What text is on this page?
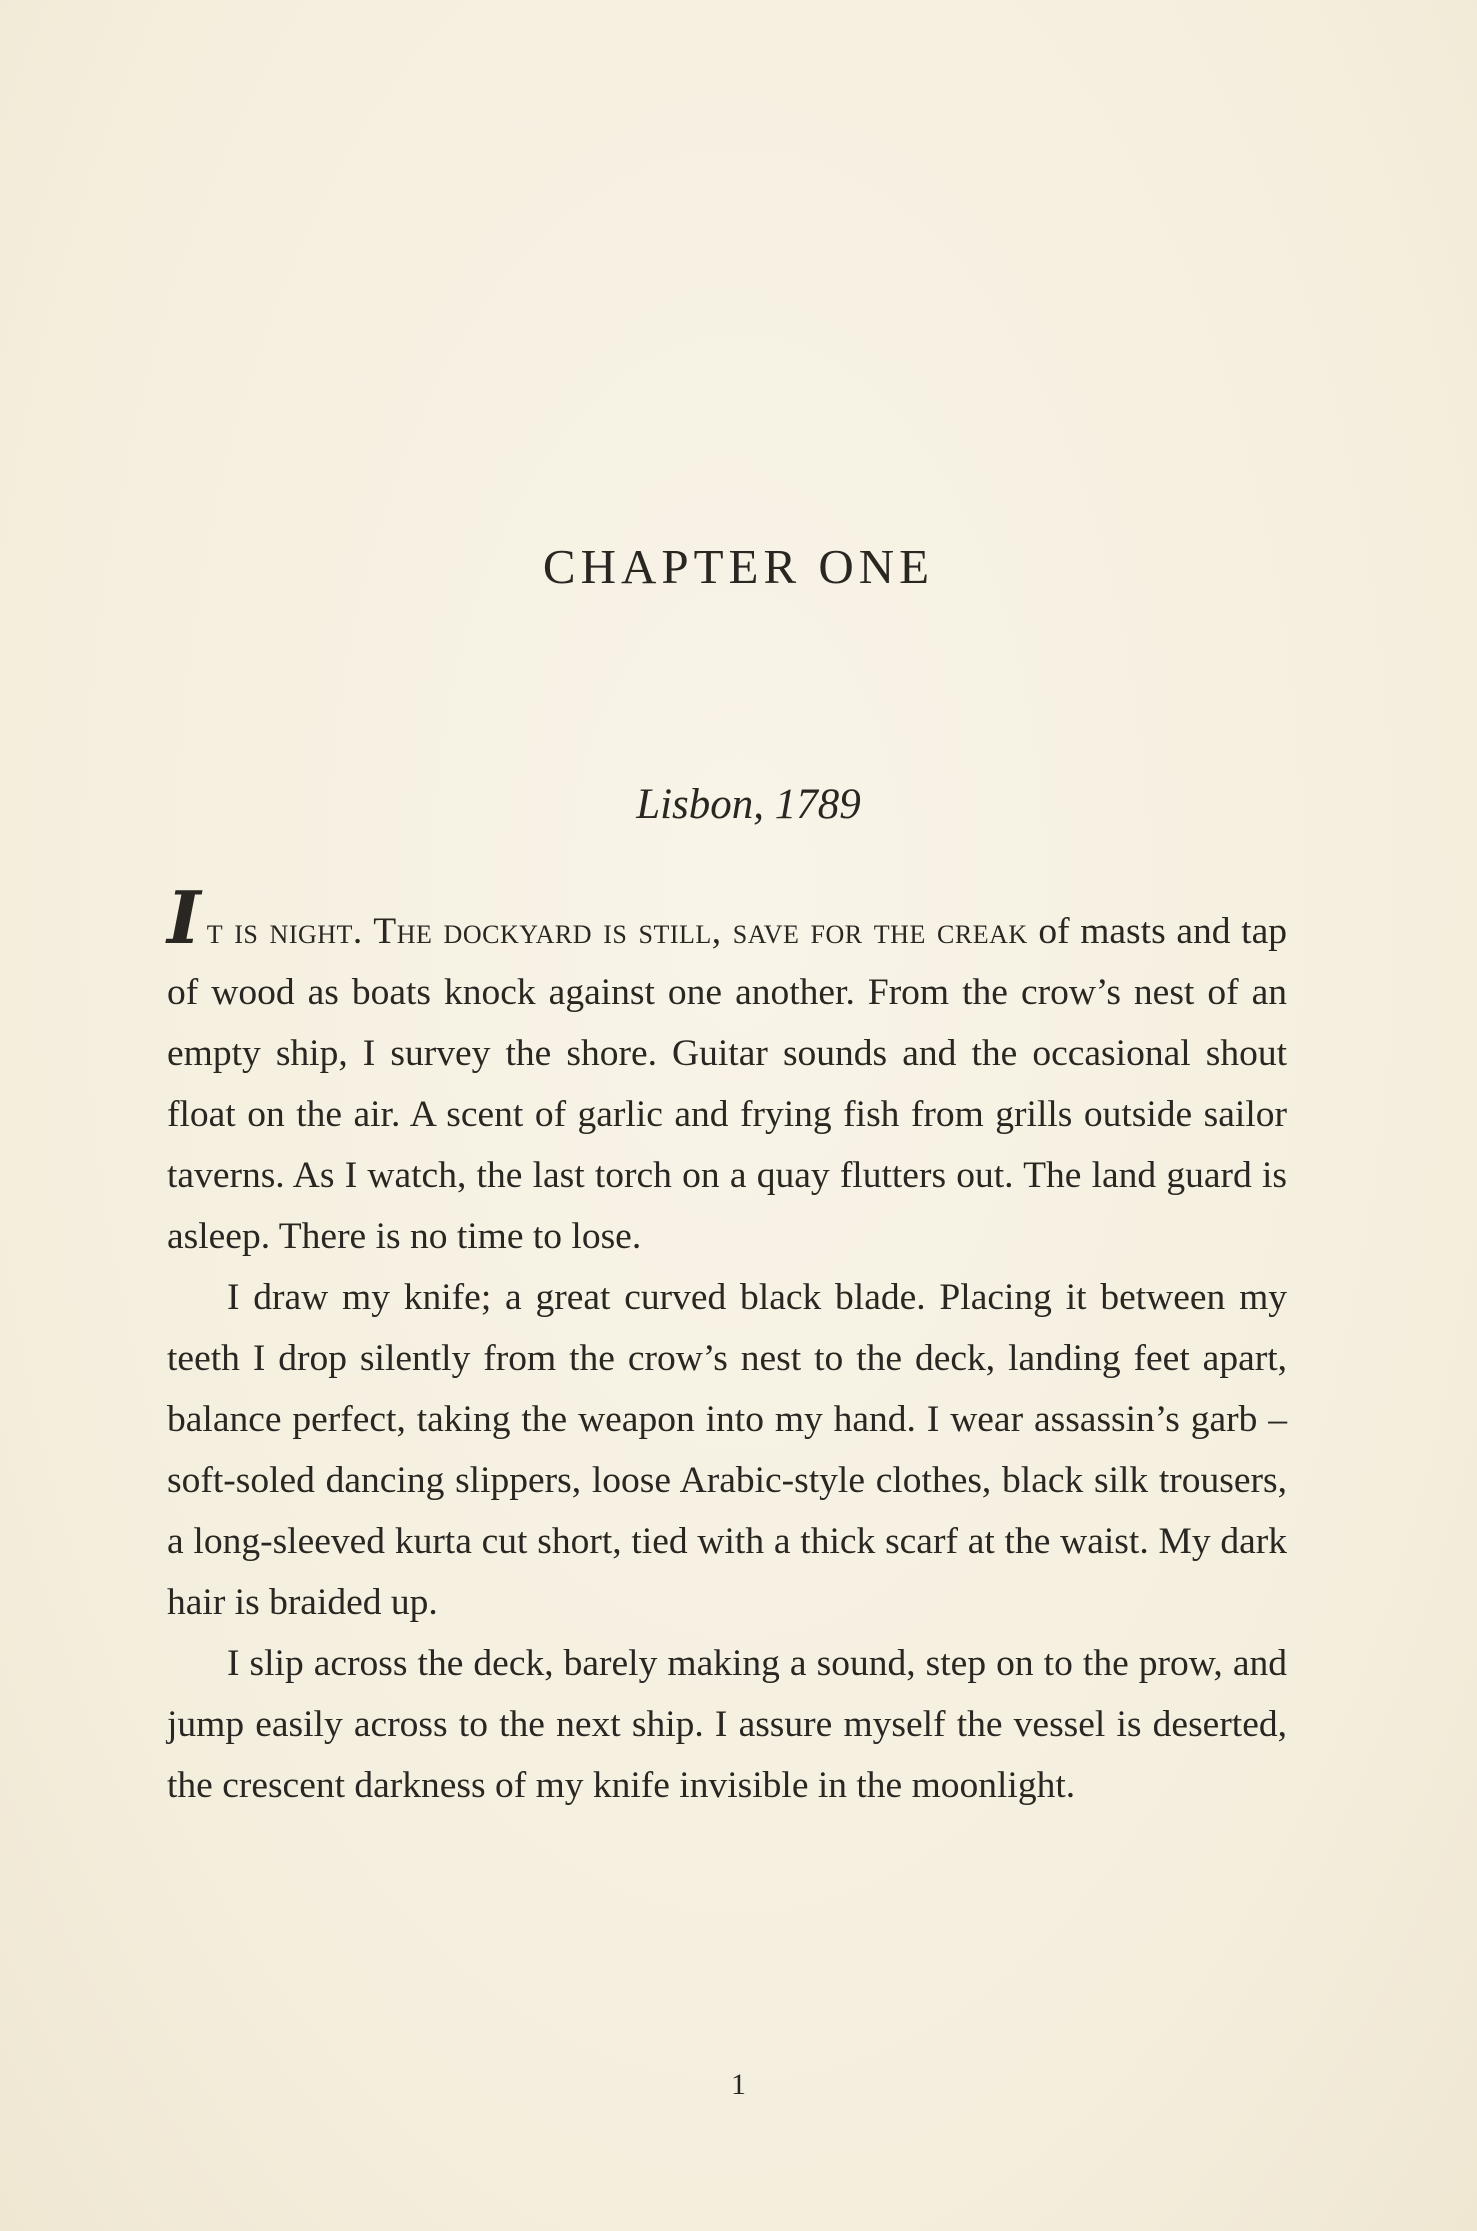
CHAPTER ONE
Lisbon, 1789

It is night. The dockyard is still, save for the creak of masts and tap of wood as boats knock against one another. From the crow’s nest of an empty ship, I survey the shore. Guitar sounds and the occasional shout float on the air. A scent of garlic and frying fish from grills outside sailor taverns. As I watch, the last torch on a quay flutters out. The land guard is asleep. There is no time to lose.

I draw my knife; a great curved black blade. Placing it between my teeth I drop silently from the crow’s nest to the deck, landing feet apart, balance perfect, taking the weapon into my hand. I wear assassin’s garb – soft-soled dancing slippers, loose Arabic-style clothes, black silk trousers, a long-sleeved kurta cut short, tied with a thick scarf at the waist. My dark hair is braided up.

I slip across the deck, barely making a sound, step on to the prow, and jump easily across to the next ship. I assure myself the vessel is deserted, the crescent darkness of my knife invisible in the moonlight.

1
